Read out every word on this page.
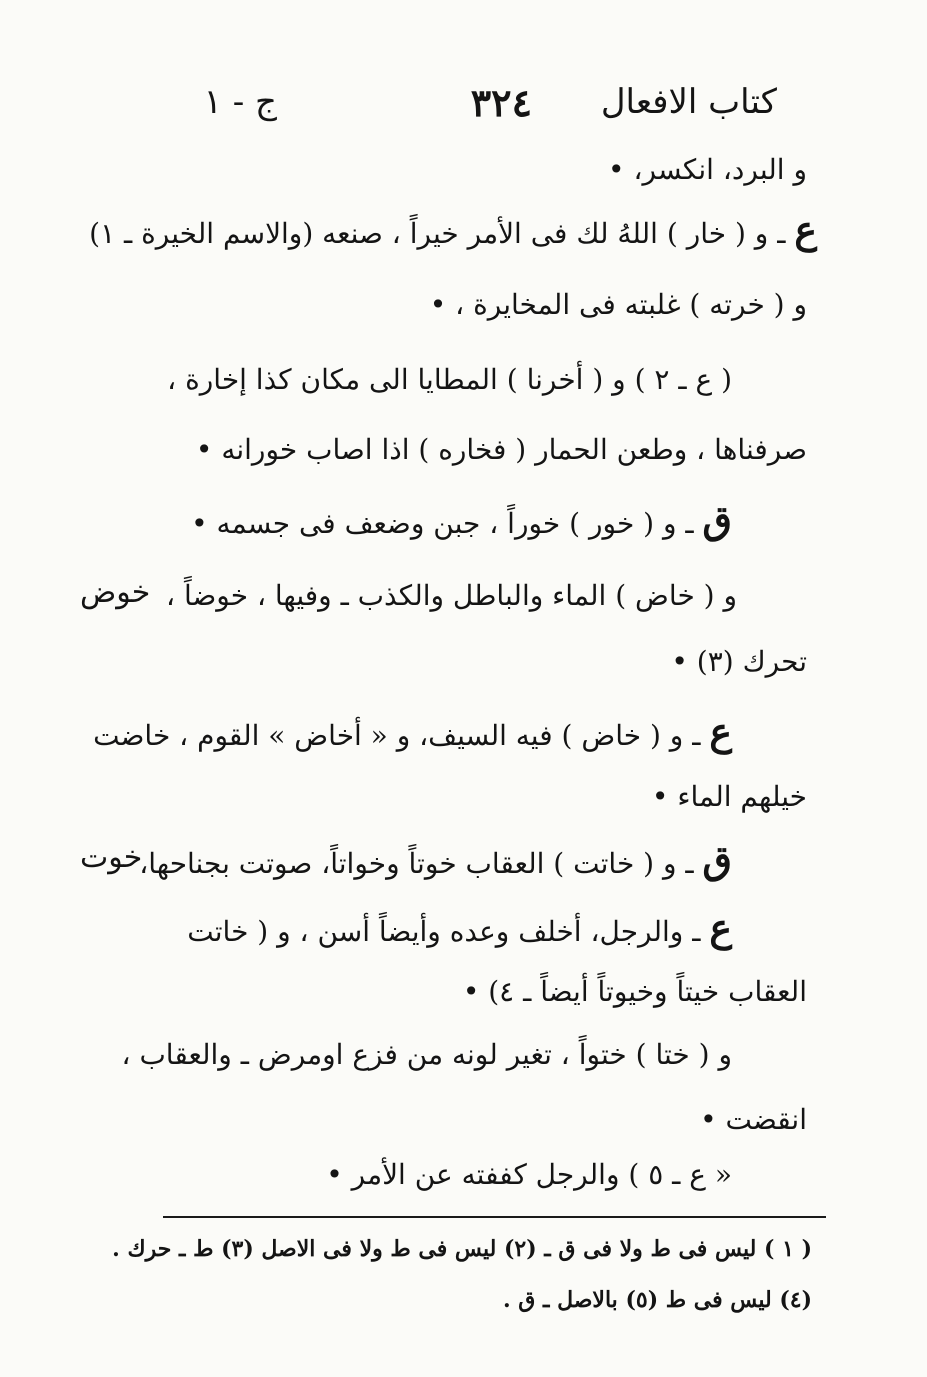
كتاب الافعال
٣٢٤
ج - ١
و البرد، انكسر، •
ع ـ و ( خار ) اللهُ لك فى الأمر خيراً ، صنعه (والاسم الخيرة ـ ١)
و ( خرته ) غلبته فى المخايرة ، •
( ع ـ ٢ ) و ( أخرنا ) المطايا الى مكان كذا إخارة ،
صرفناها ، وطعن الحمار ( فخاره ) اذا اصاب خورانه •
ق ـ و ( خور ) خوراً ، جبن وضعف فى جسمه •
و ( خاض ) الماء والباطل والكذب ـ وفيها ، خوضاً ،
خوض
تحرك (٣) •
ع ـ و ( خاض ) فيه السيف، و « أخاض » القوم ، خاضت
خيلهم الماء •
ق ـ و ( خاتت ) العقاب خوتاً وخواتاً، صوتت بجناحها،
خوت
ع ـ والرجل، أخلف وعده وأيضاً أسن ، و ( خاتت
العقاب خيتاً وخيوتاً أيضاً ـ ٤) •
و ( ختا ) ختواً ، تغير لونه من فزع اومرض ـ والعقاب ،
انقضت •
« ع ـ ٥ ) والرجل كففته عن الأمر •
( ١ ) ليس فى ط ولا فى ق ـ (٢) ليس فى ط ولا فى الاصل (٣) ط ـ حرك .
(٤) ليس فى ط (٥) بالاصل ـ ق .
